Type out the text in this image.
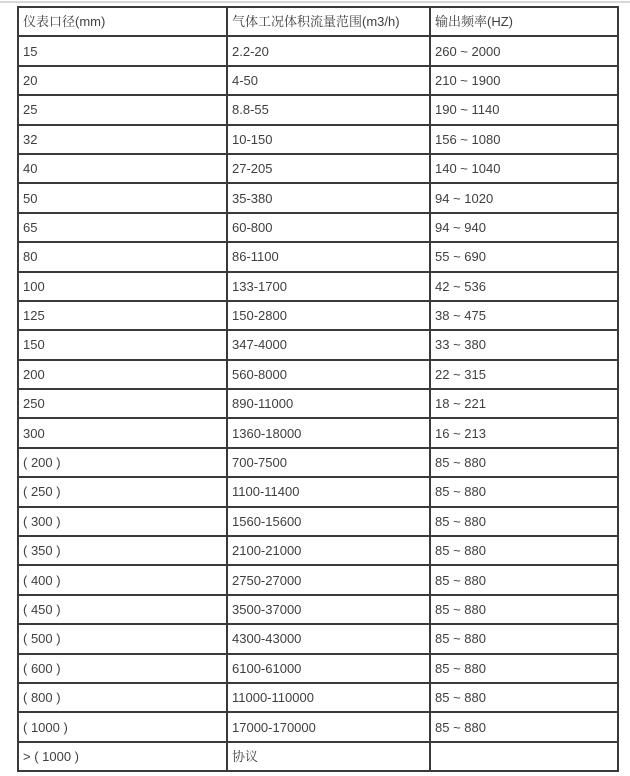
仪表口径(mm)	气体工况体积流量范围(m3/h)	输出频率(HZ)
15	2.2-20	260 ~ 2000
20	4-50	210 ~ 1900
25	8.8-55	190 ~ 1140
32	10-150	156 ~ 1080
40	27-205	140 ~ 1040
50	35-380	94 ~ 1020
65	60-800	94 ~ 940
80	86-1100	55 ~ 690
100	133-1700	42 ~ 536
125	150-2800	38 ~ 475
150	347-4000	33 ~ 380
200	560-8000	22 ~ 315
250	890-11000	18 ~ 221
300	1360-18000	16 ~ 213
( 200 )	700-7500	85 ~ 880
( 250 )	1100-11400	85 ~ 880
( 300 )	1560-15600	85 ~ 880
( 350 )	2100-21000	85 ~ 880
( 400 )	2750-27000	85 ~ 880
( 450 )	3500-37000	85 ~ 880
( 500 )	4300-43000	85 ~ 880
( 600 )	6100-61000	85 ~ 880
( 800 )	11000-110000	85 ~ 880
( 1000 )	17000-170000	85 ~ 880
> ( 1000 )	协议	
